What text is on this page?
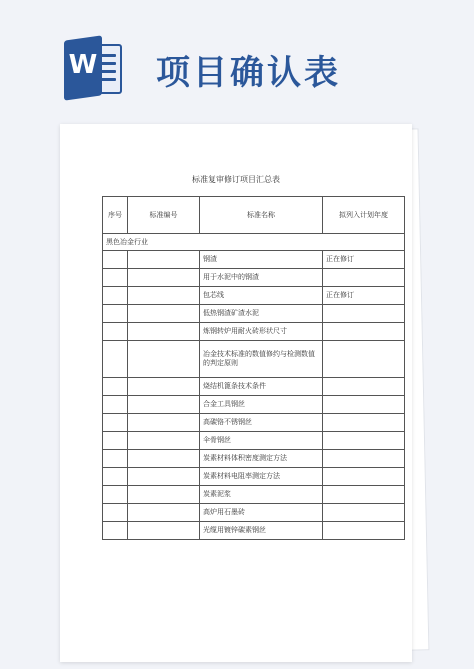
W 项目确认表
标准复审修订项目汇总表
序号	标准编号	标准名称	拟列入计划年度
黑色冶金行业			
		钢渣	正在修订
		用于水泥中的钢渣	
		包芯线	正在修订
		低热钢渣矿渣水泥	
		炼钢转炉用耐火砖形状尺寸	
		冶金技术标准的数值修约与检测数值的判定原则	
		烧结机篦条技术条件	
		合金工具钢丝	
		高碳铬不锈钢丝	
		伞骨钢丝	
		炭素材料体积密度测定方法	
		炭素材料电阻率测定方法	
		炭素泥浆	
		高炉用石墨砖	
		光缆用镀锌碳素钢丝	
